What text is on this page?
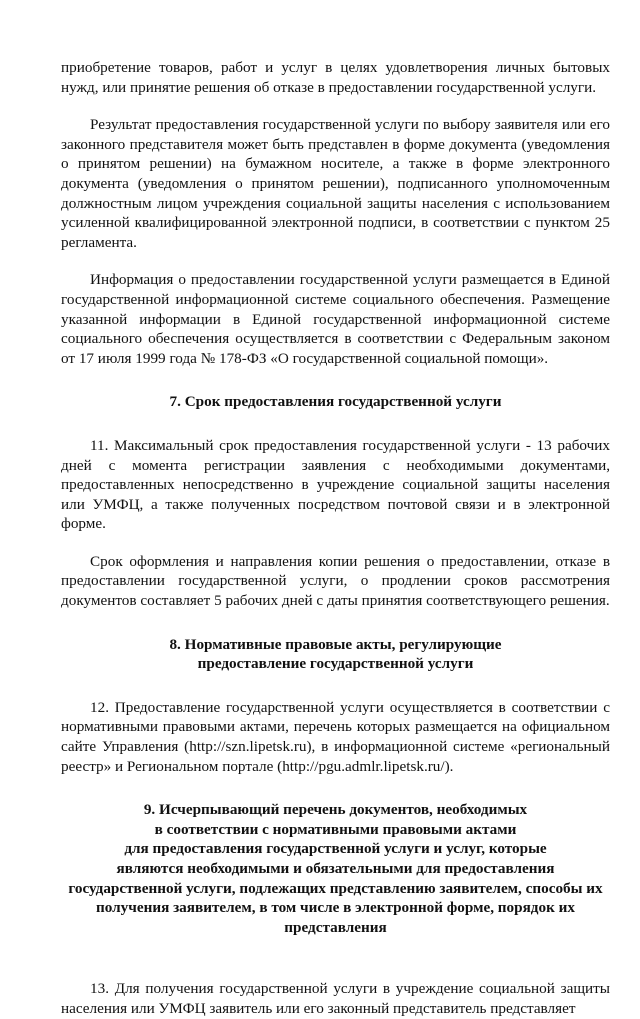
приобретение товаров, работ и услуг в целях удовлетворения личных бытовых нужд, или принятие решения об отказе в предоставлении государственной услуги.

Результат предоставления государственной услуги по выбору заявителя или его законного представителя может быть представлен в форме документа (уведомления о принятом решении) на бумажном носителе, а также в форме электронного документа (уведомления о принятом решении), подписанного уполномоченным должностным лицом учреждения социальной защиты населения с использованием усиленной квалифицированной электронной подписи, в соответствии с пунктом 25 регламента.

Информация о предоставлении государственной услуги размещается в Единой государственной информационной системе социального обеспечения. Размещение указанной информации в Единой государственной информационной системе социального обеспечения осуществляется в соответствии с Федеральным законом от 17 июля 1999 года № 178-ФЗ «О государственной социальной помощи».

7. Срок предоставления государственной услуги

11. Максимальный срок предоставления государственной услуги - 13 рабочих дней с момента регистрации заявления с необходимыми документами, предоставленных непосредственно в учреждение социальной защиты населения или УМФЦ, а также полученных посредством почтовой связи и в электронной форме.

Срок оформления и направления копии решения о предоставлении, отказе в предоставлении государственной услуги, о продлении сроков рассмотрения документов составляет 5 рабочих дней с даты принятия соответствующего решения.

8. Нормативные правовые акты, регулирующие
предоставление государственной услуги

12. Предоставление государственной услуги осуществляется в соответствии с нормативными правовыми актами, перечень которых размещается на официальном сайте Управления (http://szn.lipetsk.ru), в информационной системе «региональный реестр» и Региональном портале (http://pgu.admlr.lipetsk.ru/).

9. Исчерпывающий перечень документов, необходимых
в соответствии с нормативными правовыми актами
для предоставления государственной услуги и услуг, которые
являются необходимыми и обязательными для предоставления
государственной услуги, подлежащих представлению заявителем, способы их
получения заявителем, в том числе в электронной форме, порядок их
представления

13. Для получения государственной услуги в учреждение социальной защиты населения или УМФЦ заявитель или его законный представитель представляет
